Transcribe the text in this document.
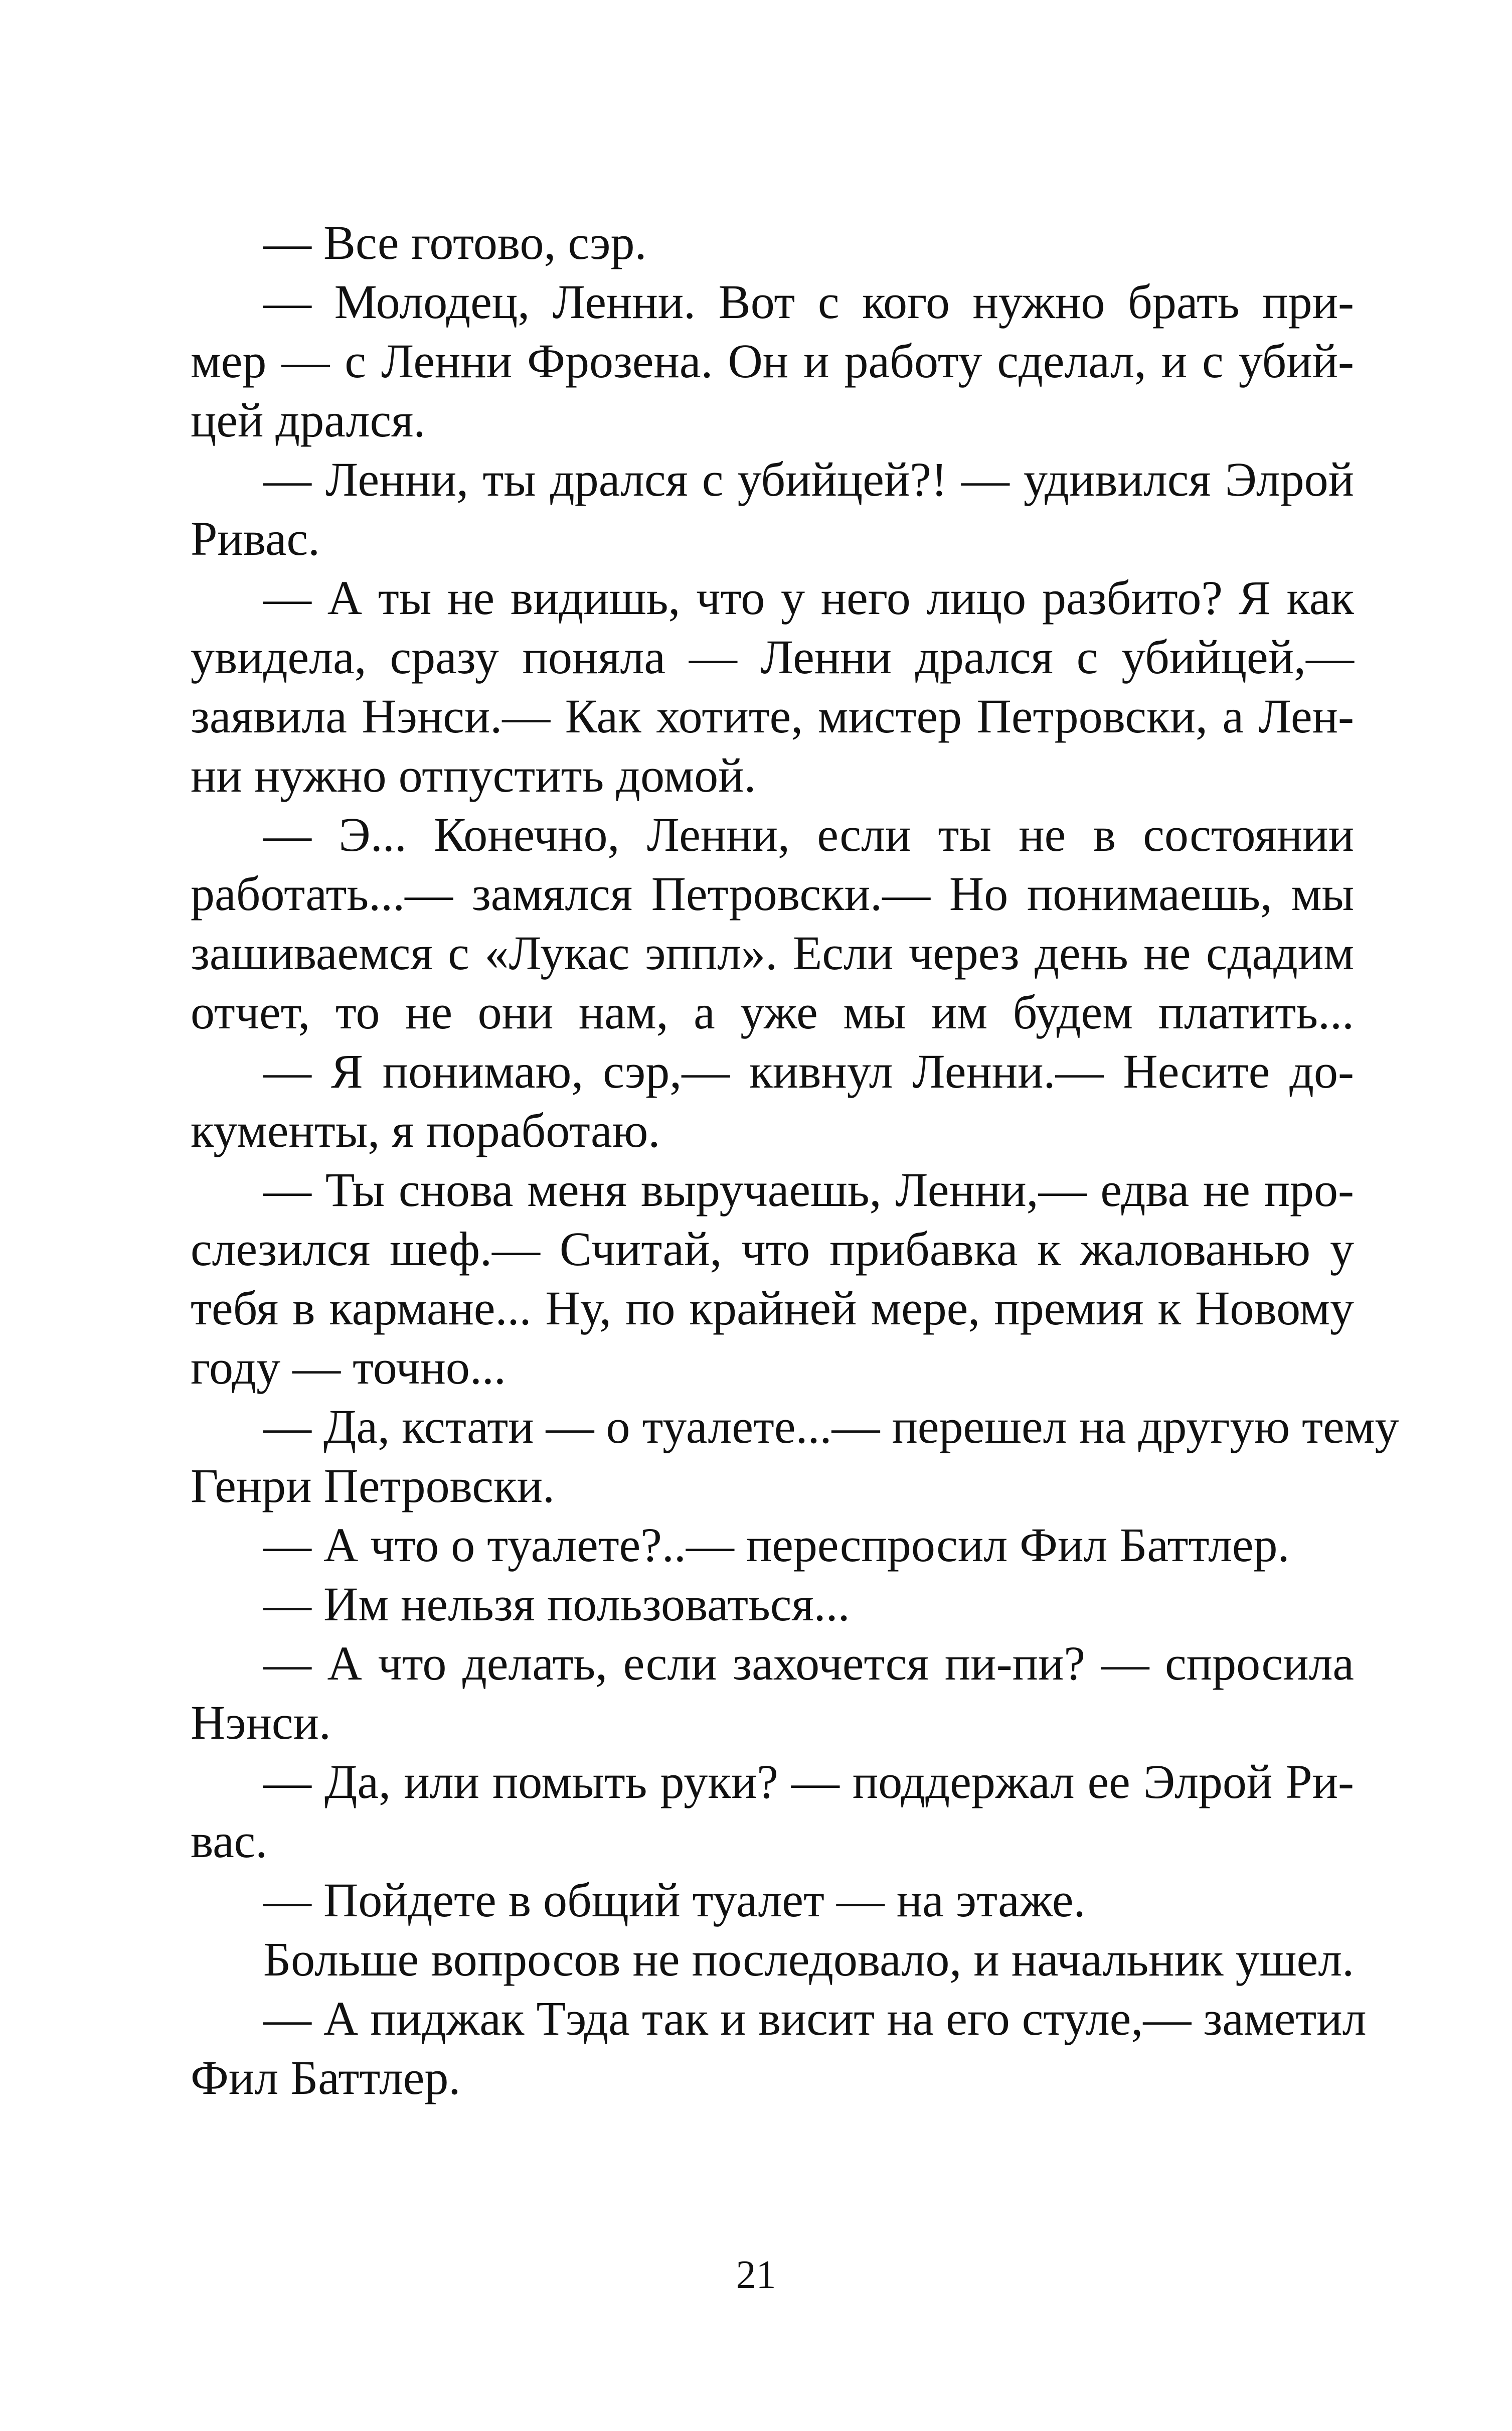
— Все готово, сэр.
— Молодец, Ленни. Вот с кого нужно брать при-
мер — с Ленни Фрозена. Он и работу сделал, и с убий-
цей дрался.
— Ленни, ты дрался с убийцей?! — удивился Элрой
Ривас.
— А ты не видишь, что у него лицо разбито? Я как
увидела, сразу поняла — Ленни дрался с убийцей,—
заявила Нэнси.— Как хотите, мистер Петровски, а Лен-
ни нужно отпустить домой.
— Э... Конечно, Ленни, если ты не в состоянии
работать...— замялся Петровски.— Но понимаешь, мы
зашиваемся с «Лукас эппл». Если через день не сдадим
отчет, то не они нам, а уже мы им будем платить...
— Я понимаю, сэр,— кивнул Ленни.— Несите до-
кументы, я поработаю.
— Ты снова меня выручаешь, Ленни,— едва не про-
слезился шеф.— Считай, что прибавка к жалованью у
тебя в кармане... Ну, по крайней мере, премия к Новому
году — точно...
— Да, кстати — о туалете...— перешел на другую тему
Генри Петровски.
— А что о туалете?..— переспросил Фил Баттлер.
— Им нельзя пользоваться...
— А что делать, если захочется пи-пи? — спросила
Нэнси.
— Да, или помыть руки? — поддержал ее Элрой Ри-
вас.
— Пойдете в общий туалет — на этаже.
Больше вопросов не последовало, и начальник ушел.
— А пиджак Тэда так и висит на его стуле,— заметил
Фил Баттлер.
21
